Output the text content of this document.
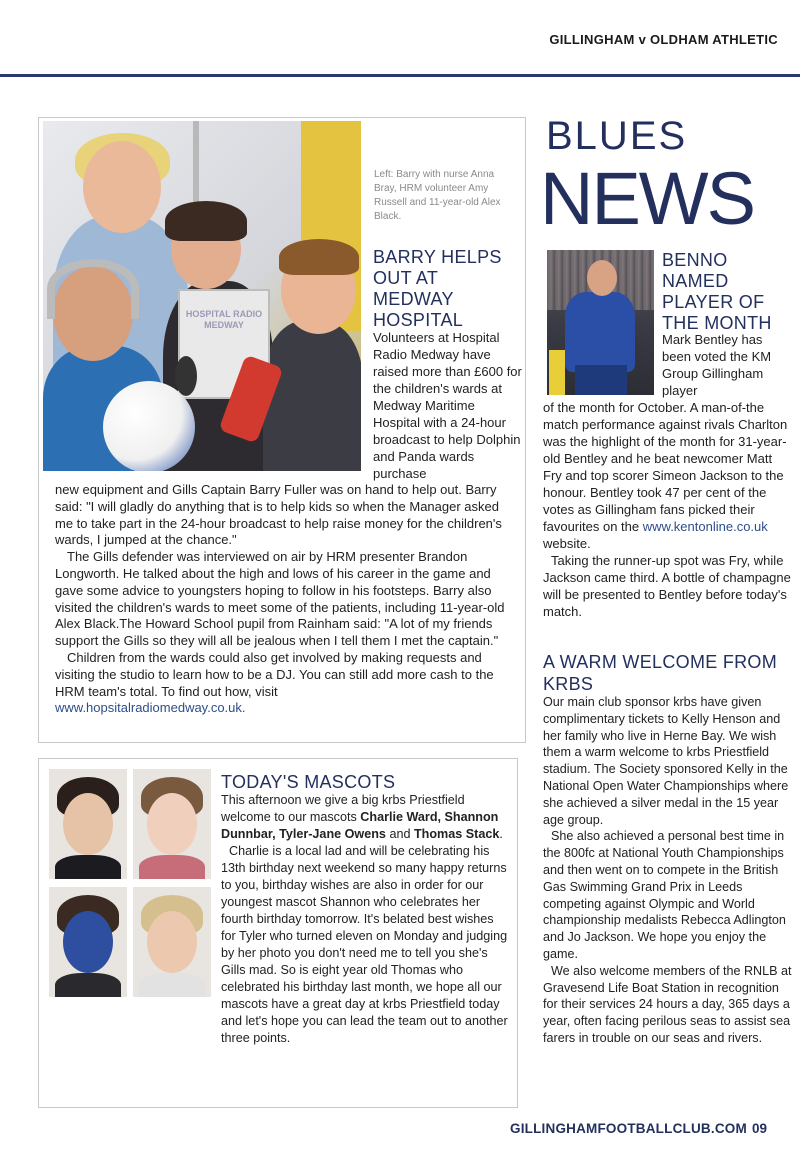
GILLINGHAM v OLDHAM ATHLETIC
HOSPITAL RADIO MEDWAY
Left: Barry with nurse Anna Bray, HRM volunteer Amy Russell and 11-year-old Alex Black.
BARRY HELPS OUT AT MEDWAY HOSPITAL
Volunteers at Hospital Radio Medway have raised more than £600 for the children's wards at Medway Maritime Hospital with a 24-hour broadcast to help Dolphin and Panda wards purchase

new equipment and Gills Captain Barry Fuller was on hand to help out. Barry said: "I will gladly do anything that is to help kids so when the Manager asked me to take part in the 24-hour broadcast to help raise money for the children's wards, I jumped at the chance."

The Gills defender was interviewed on air by HRM presenter Brandon Longworth. He talked about the high and lows of his career in the game and gave some advice to youngsters hoping to follow in his footsteps. Barry also visited the children's wards to meet some of the patients, including 11-year-old Alex Black.The Howard School pupil from Rainham said: "A lot of my friends support the Gills so they will all be jealous when I tell them I met the captain."

Children from the wards could also get involved by making requests and visiting the studio to learn how to be a DJ. You can still add more cash to the HRM team's total. To find out how, visit

www.hopsitalradiomedway.co.uk.
BLUES
NEWS
BENNO NAMED PLAYER OF THE MONTH
Mark Bentley has been voted the KM Group Gillingham player

of the month for October. A man-of-the match performance against rivals Charlton was the highlight of the month for 31-year-old Bentley and he beat newcomer Matt Fry and top scorer Simeon Jackson to the honour. Bentley took 47 per cent of the votes as Gillingham fans picked their favourites on the www.kentonline.co.uk website.

Taking the runner-up spot was Fry, while Jackson came third. A bottle of champagne will be presented to Bentley before today's match.

A WARM WELCOME FROM KRBS

Our main club sponsor krbs have given complimentary tickets to Kelly Henson and her family who live in Herne Bay. We wish them a warm welcome to krbs Priestfield stadium. The Society sponsored Kelly in the National Open Water Championships where she achieved a silver medal in the 15 year age group.

She also achieved a personal best time in the 800fc at National Youth Championships and then went on to compete in the British Gas Swimming Grand Prix in Leeds competing against Olympic and World championship medalists Rebecca Adlington and Jo Jackson. We hope you enjoy the game.

We also welcome members of the RNLB at Gravesend Life Boat Station in recognition for their services 24 hours a day, 365 days a year, often facing perilous seas to assist sea farers in trouble on our seas and rivers.

TODAY'S MASCOTS

This afternoon we give a big krbs Priestfield welcome to our mascots Charlie Ward, Shannon Dunnbar, Tyler-Jane Owens and Thomas Stack.

Charlie is a local lad and will be celebrating his 13th birthday next weekend so many happy returns to you, birthday wishes are also in order for our youngest mascot Shannon who celebrates her fourth birthday tomorrow. It's belated best wishes for Tyler who turned eleven on Monday and judging by her photo you don't need me to tell you she's Gills mad. So is eight year old Thomas who celebrated his birthday last month, we hope all our mascots have a great day at krbs Priestfield today and let's hope you can lead the team out to another three points.

GILLINGHAMFOOTBALLCLUB.COM 09
